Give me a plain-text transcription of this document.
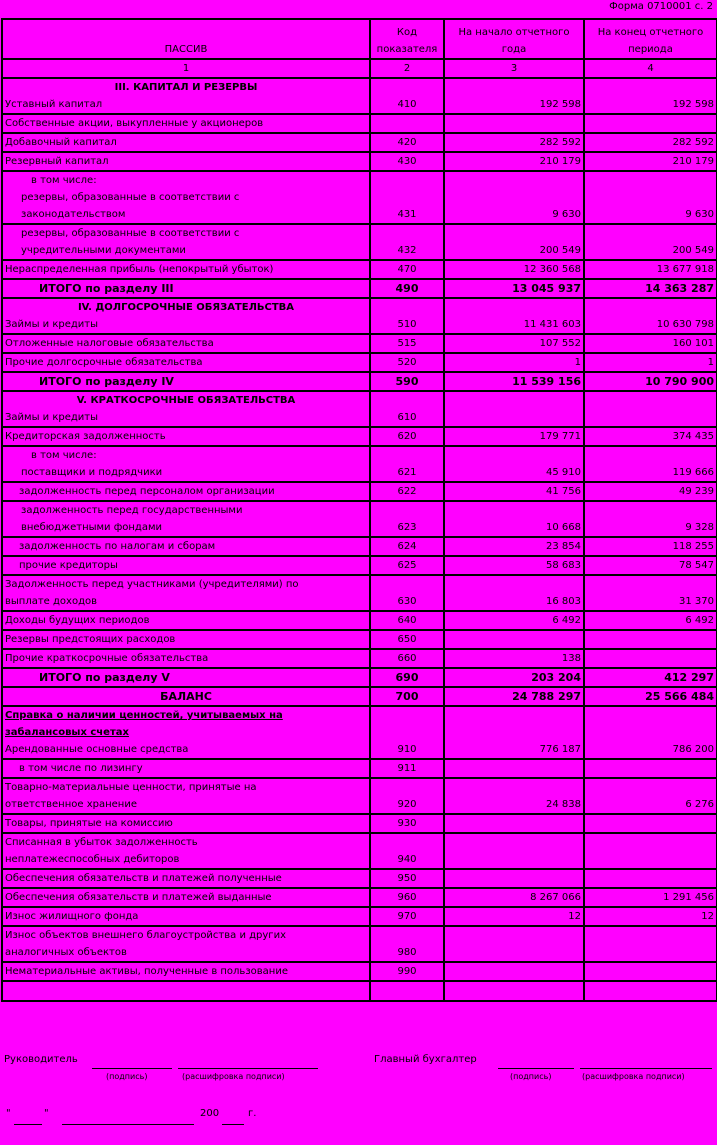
Форма 0710001 с. 2
ПАССИВ	Код показателя	На начало отчетного года	На конец отчетного периода
1	2	3	4
III. КАПИТАЛ И РЕЗЕРВЫ

Уставный капитал	410	192 598	192 598
Собственные акции, выкупленные у акционеров			
Добавочный капитал	420	282 592	282 592
Резервный капитал	430	210 179	210 179

в том числе:
резервы, образованные в соответствии с
законодательством	431	9 630	9 630

резервы, образованные в соответствии с
учредительными документами	432	200 549	200 549
Нераспределенная прибыль (непокрытый убыток)	470	12 360 568	13 677 918
ИТОГО по разделу III	490	13 045 937	14 363 287
IV. ДОЛГОСРОЧНЫЕ ОБЯЗАТЕЛЬСТВА

Займы и кредиты	510	11 431 603	10 630 798
Отложенные налоговые обязательства	515	107 552	160 101
Прочие долгосрочные обязательства	520	1	1
ИТОГО по разделу IV	590	11 539 156	10 790 900
V. КРАТКОСРОЧНЫЕ ОБЯЗАТЕЛЬСТВА

Займы и кредиты	610		
Кредиторская задолженность	620	179 771	374 435

в том числе:
поставщики и подрядчики	621	45 910	119 666
задолженность перед персоналом организации	622	41 756	49 239

задолженность перед государственными
внебюджетными фондами	623	10 668	9 328
задолженность по налогам и сборам	624	23 854	118 255
прочие кредиторы	625	58 683	78 547

Задолженность перед участниками (учредителями) по
выплате доходов	630	16 803	31 370
Доходы будущих периодов	640	6 492	6 492
Резервы предстоящих расходов	650		
Прочие краткосрочные обязательства	660	138	
ИТОГО по разделу V	690	203 204	412 297
БАЛАНС	700	24 788 297	25 566 484

Справка о наличии ценностей, учитываемых на
забалансовых счетах
Арендованные основные средства	910	776 187	786 200
в том числе по лизингу	911		

Товарно-материальные ценности, принятые на
ответственное хранение	920	24 838	6 276
Товары, принятые на комиссию	930		

Списанная в убыток задолженность
неплатежеспособных дебиторов	940		
Обеспечения обязательств и платежей полученные	950		
Обеспечения обязательств и платежей выданные	960	8 267 066	1 291 456
Износ жилищного фонда	970	12	12

Износ объектов внешнего благоустройства и других
аналогичных объектов	980		
Нематериальные активы, полученные в пользование	990		

Руководитель
(подпись)	(расшифровка подписи)
Главный бухгалтер
(подпись)	(расшифровка подписи)
"	"	200	г.
